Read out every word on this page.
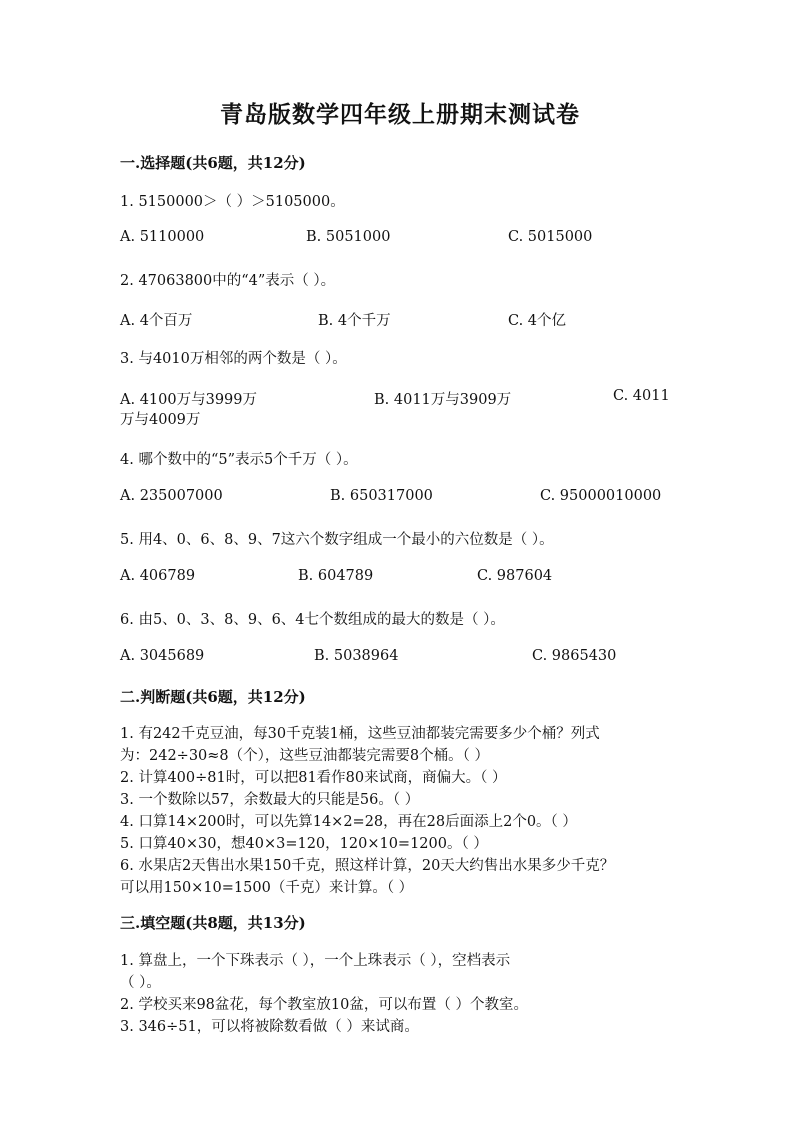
青岛版数学四年级上册期末测试卷
一.选择题(共6题，共12分)
1. 5150000＞（ ）＞5105000。
A. 5110000	B. 5051000	C. 5015000
2. 47063800中的“4”表示（ ）。
A. 4个百万	B. 4个千万	C. 4个亿
3. 与4010万相邻的两个数是（ ）。
A. 4100万与3999万	B. 4011万与3909万	C. 4011
万与4009万
4. 哪个数中的“5”表示5个千万（ ）。
A. 235007000	B. 650317000	C. 95000010000
5. 用4、0、6、8、9、7这六个数字组成一个最小的六位数是（ ）。
A. 406789	B. 604789	C. 987604
6. 由5、0、3、8、9、6、4七个数组成的最大的数是（ ）。
A. 3045689	B. 5038964	C. 9865430
二.判断题(共6题，共12分)
1. 有242千克豆油，每30千克装1桶，这些豆油都装完需要多少个桶？列式
为：242÷30≈8（个），这些豆油都装完需要8个桶。（ ）
2. 计算400÷81时，可以把81看作80来试商，商偏大。（ ）
3. 一个数除以57，余数最大的只能是56。（ ）
4. 口算14×200时，可以先算14×2=28，再在28后面添上2个0。（ ）
5. 口算40×30，想40×3=120，120×10=1200。（ ）
6. 水果店2天售出水果150千克，照这样计算，20天大约售出水果多少千克？
可以用150×10=1500（千克）来计算。（ ）
三.填空题(共8题，共13分)
1. 算盘上，一个下珠表示（ ），一个上珠表示（ ），空档表示
（ ）。
2. 学校买来98盆花，每个教室放10盆，可以布置（ ）个教室。
3. 346÷51，可以将被除数看做（ ）来试商。
